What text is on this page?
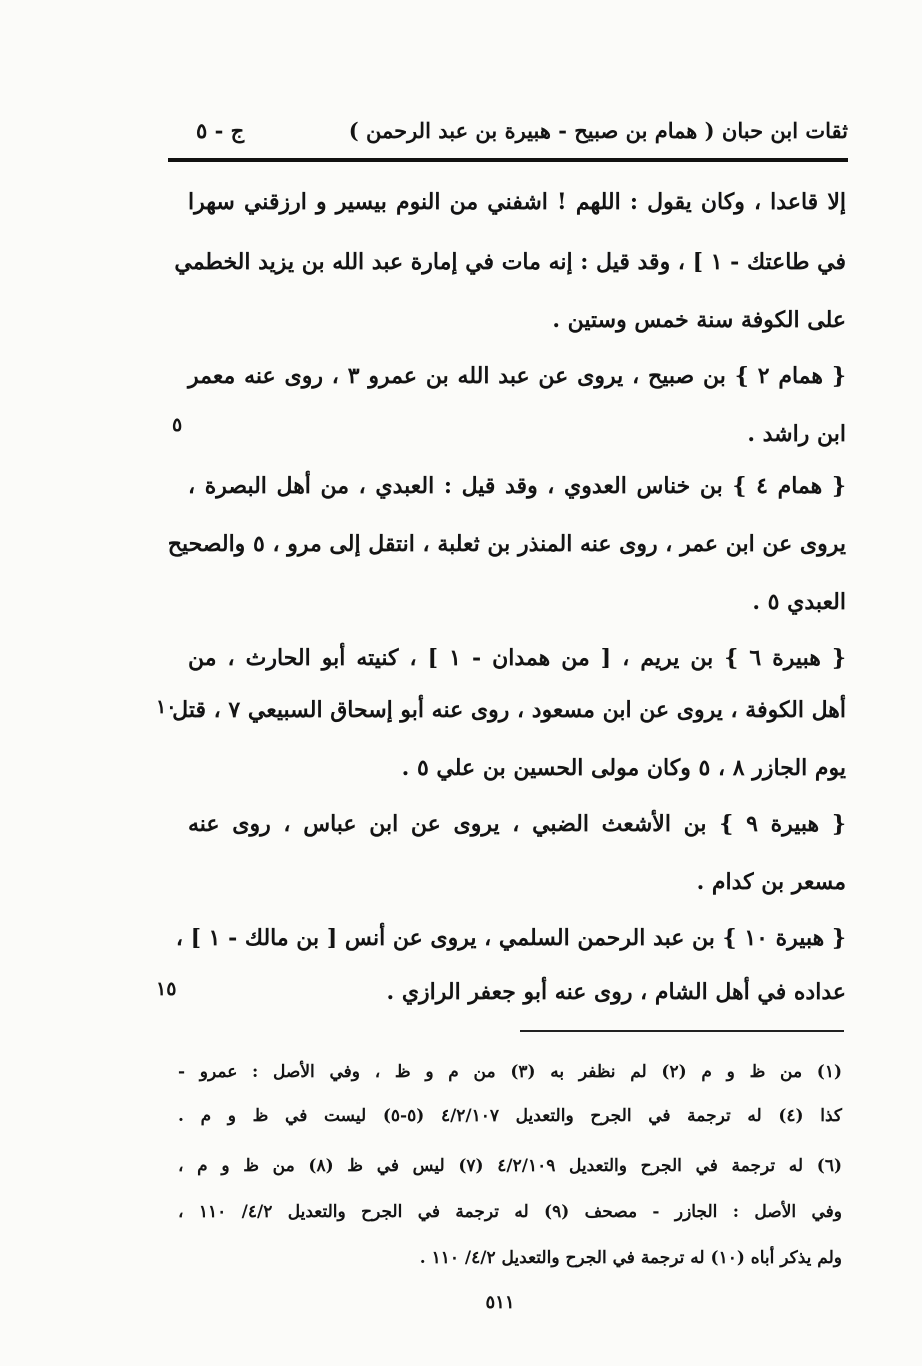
ثقات ابن حبان ( همام بن صبيح - هبيرة بن عبد الرحمن )
ج - ٥
إلا قاعدا ، وكان يقول : اللهم ! اشفني من النوم بيسير و ارزقني سهرا
في طاعتك - ١ ] ، وقد قيل : إنه مات في إمارة عبد الله بن يزيد الخطمي
على الكوفة سنة خمس وستين .
{ همام ٢ } بن صبيح ، يروى عن عبد الله بن عمرو ٣ ، روى عنه معمر
ابن راشد .
{ همام ٤ } بن خناس العدوي ، وقد قيل : العبدي ، من أهل البصرة ،
يروى عن ابن عمر ، روى عنه المنذر بن ثعلبة ، انتقل إلى مرو ، ٥ والصحيح
العبدي ٥ .
{ هبيرة ٦ } بن يريم ، [ من همدان - ١ ] ، كنيته أبو الحارث ، من
أهل الكوفة ، يروى عن ابن مسعود ، روى عنه أبو إسحاق السبيعي ٧ ، قتل
يوم الجازر ٨ ، ٥ وكان مولى الحسين بن علي ٥ .
{ هبيرة ٩ } بن الأشعث الضبي ، يروى عن ابن عباس ، روى عنه
مسعر بن كدام .
{ هبيرة ١٠ } بن عبد الرحمن السلمي ، يروى عن أنس [ بن مالك - ١ ] ،
عداده في أهل الشام ، روى عنه أبو جعفر الرازي .
٥
١٠
١٥
(١) من ظ و م (٢) لم نظفر به (٣) من م و ظ ، وفي الأصل : عمرو -
كذا (٤) له ترجمة في الجرح والتعديل ٤/٢/١٠٧ (٥-٥) ليست في ظ و م .
(٦) له ترجمة في الجرح والتعديل ٤/٢/١٠٩ (٧) ليس في ظ (٨) من ظ و م ،
وفي الأصل : الجازر - مصحف (٩) له ترجمة في الجرح والتعديل ٤/٢/ ١١٠ ،
ولم يذكر أباه (١٠) له ترجمة في الجرح والتعديل ٤/٢/ ١١٠ .
٥١١
